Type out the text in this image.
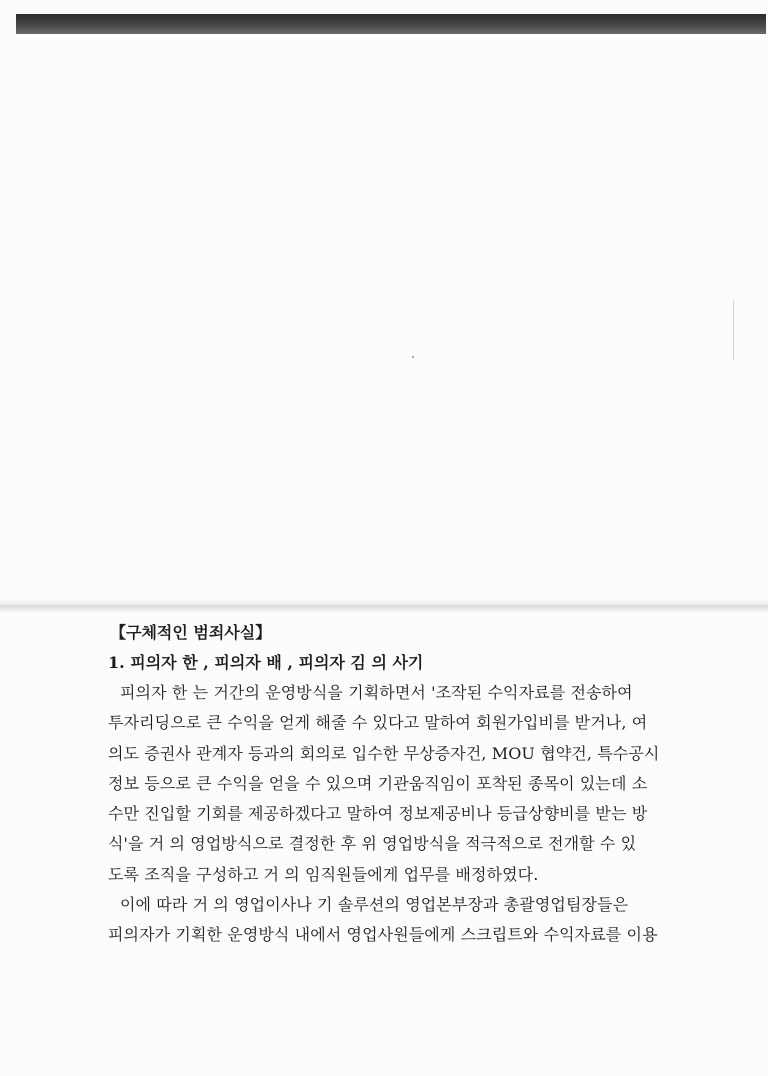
【구체적인 범죄사실】
1. 피의자 한 , 피의자 배 , 피의자 김 의 사기

피의자 한 는 거간의 운영방식을 기획하면서 '조작된 수익자료를 전송하여
투자리딩으로 큰 수익을 얻게 해줄 수 있다고 말하여 회원가입비를 받거나, 여
의도 증권사 관계자 등과의 회의로 입수한 무상증자건, MOU 협약건, 특수공시
정보 등으로 큰 수익을 얻을 수 있으며 기관움직임이 포착된 종목이 있는데 소
수만 진입할 기회를 제공하겠다고 말하여 정보제공비나 등급상향비를 받는 방
식'을 거 의 영업방식으로 결정한 후 위 영업방식을 적극적으로 전개할 수 있
도록 조직을 구성하고 거 의 임직원들에게 업무를 배정하였다.

이에 따라 거 의 영업이사나 기 솔루션의 영업본부장과 총괄영업팀장들은
피의자가 기획한 운영방식 내에서 영업사원들에게 스크립트와 수익자료를 이용
